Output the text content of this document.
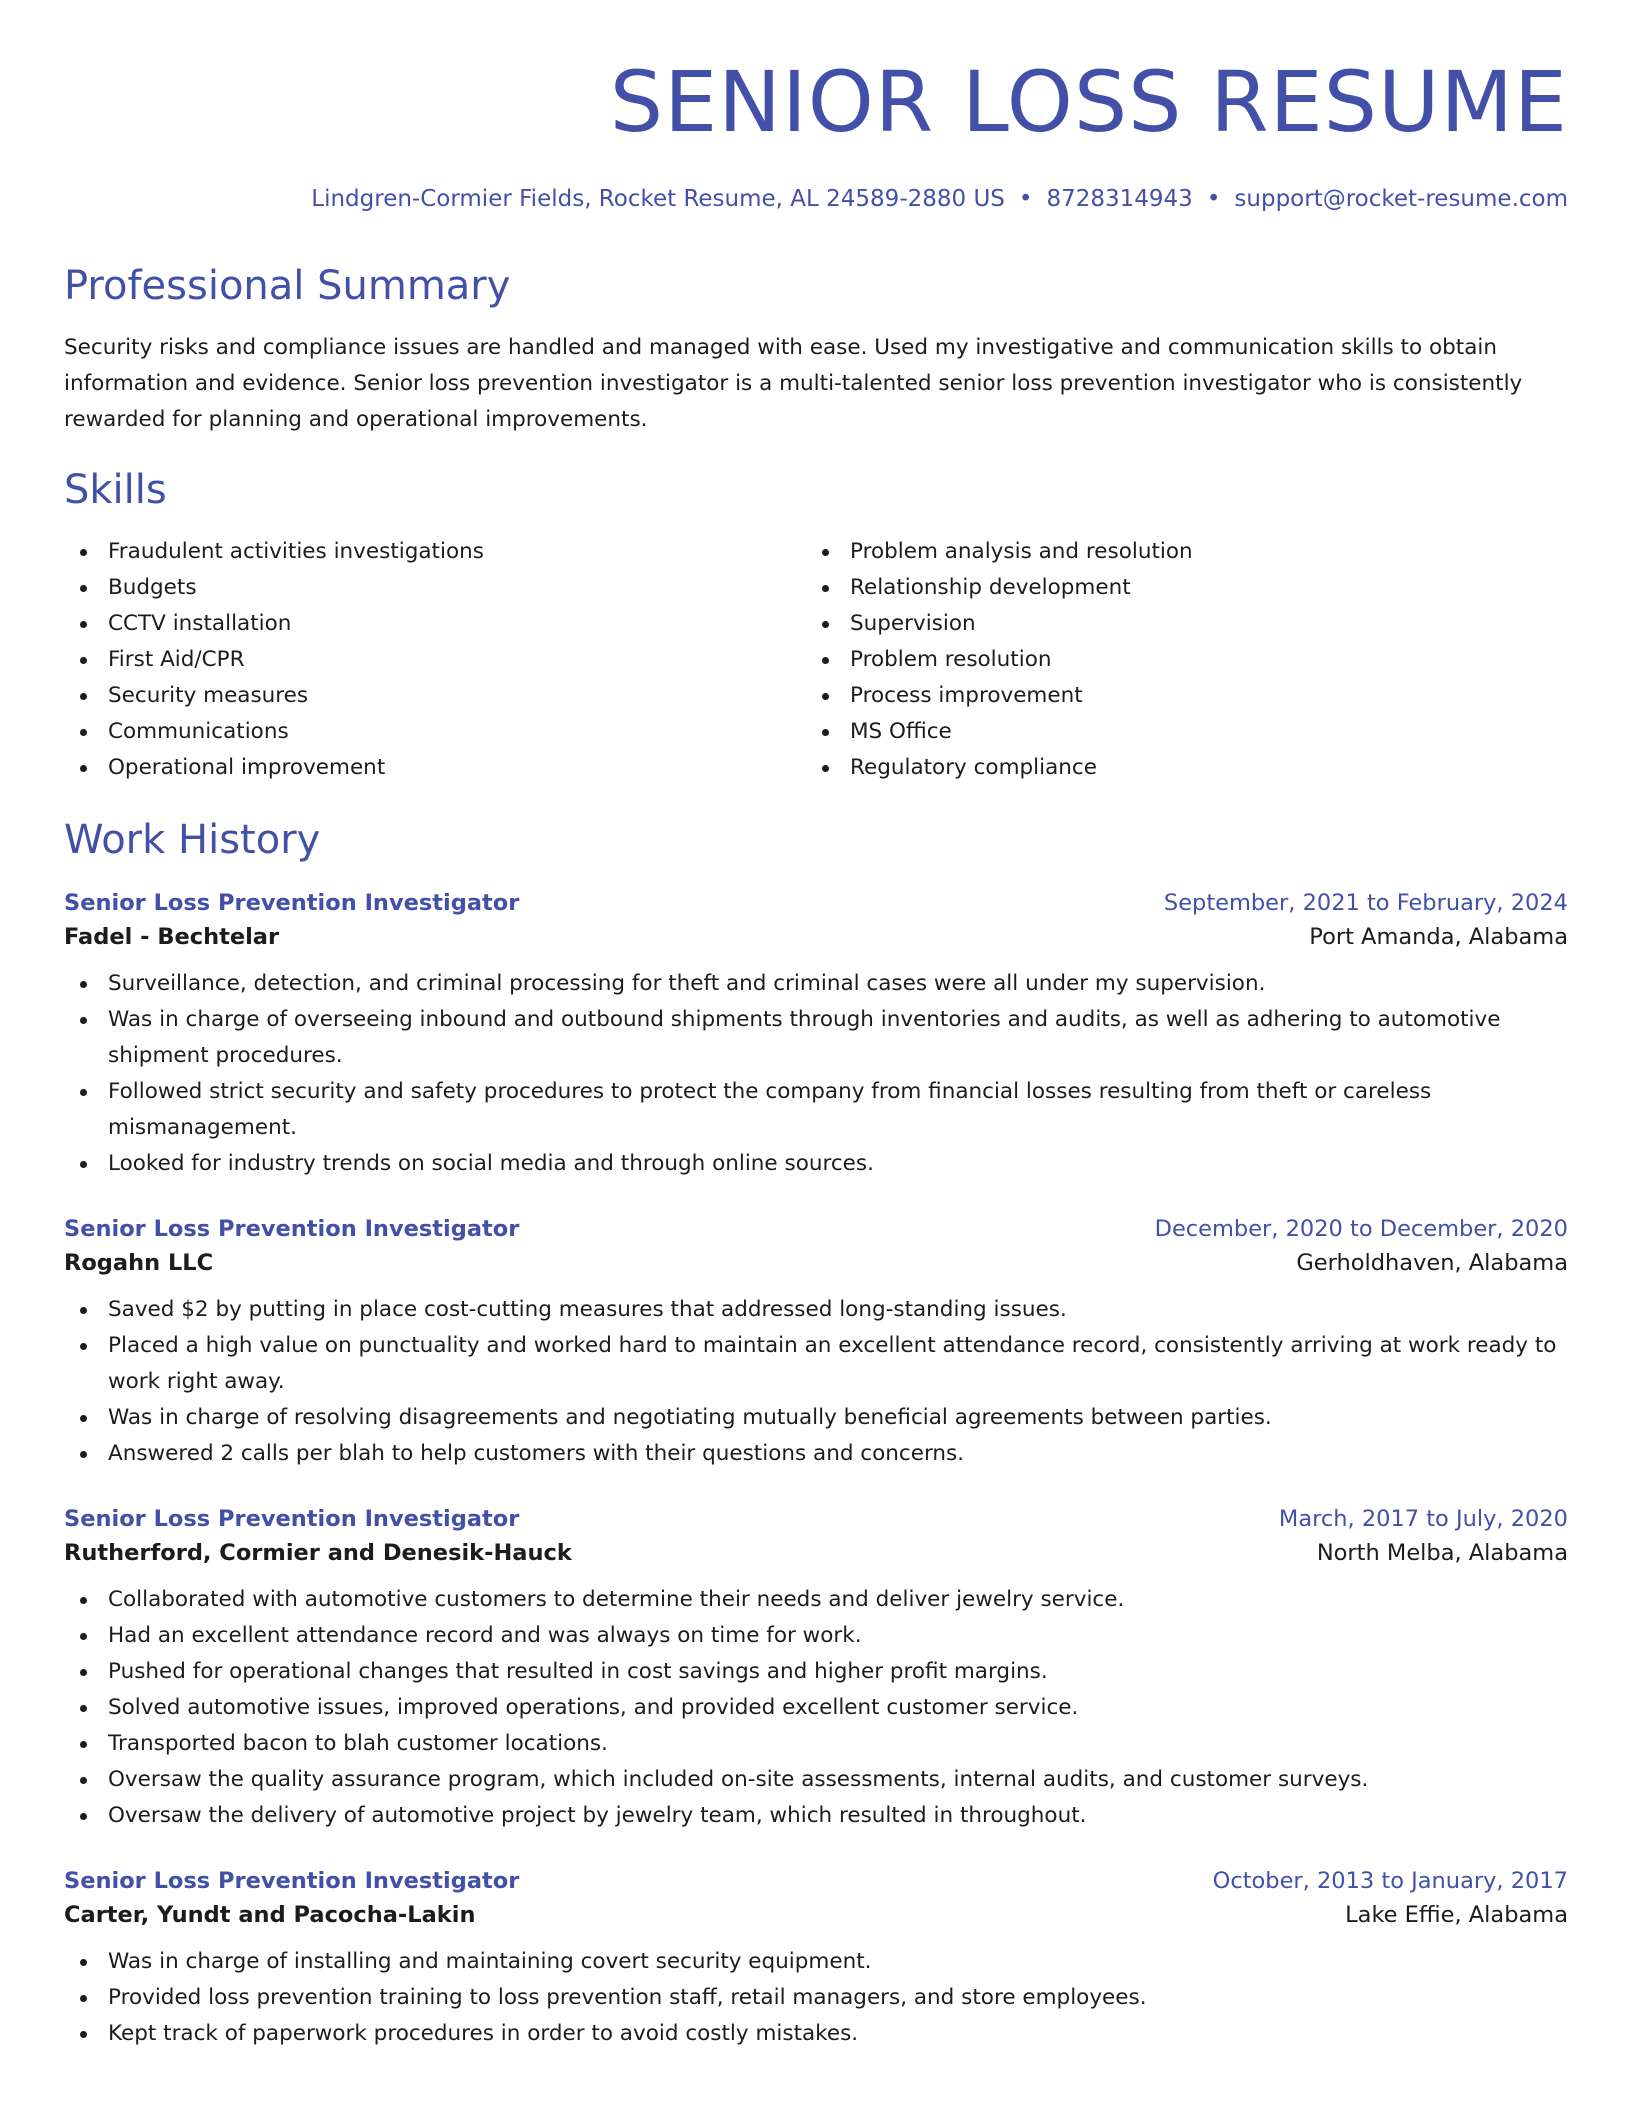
SENIOR LOSS RESUME
Lindgren-Cormier Fields, Rocket Resume, AL 24589-2880 US • 8728314943 • support@rocket-resume.com
Professional Summary
Security risks and compliance issues are handled and managed with ease. Used my investigative and communication skills to obtain information and evidence. Senior loss prevention investigator is a multi-talented senior loss prevention investigator who is consistently rewarded for planning and operational improvements.
Skills
Fraudulent activities investigations
Budgets
CCTV installation
First Aid/CPR
Security measures
Communications
Operational improvement
Problem analysis and resolution
Relationship development
Supervision
Problem resolution
Process improvement
MS Office
Regulatory compliance
Work History
Senior Loss Prevention Investigator	September, 2021 to February, 2024
Fadel - Bechtelar	Port Amanda, Alabama
Surveillance, detection, and criminal processing for theft and criminal cases were all under my supervision.
Was in charge of overseeing inbound and outbound shipments through inventories and audits, as well as adhering to automotive shipment procedures.
Followed strict security and safety procedures to protect the company from financial losses resulting from theft or careless mismanagement.
Looked for industry trends on social media and through online sources.
Senior Loss Prevention Investigator	December, 2020 to December, 2020
Rogahn LLC	Gerholdhaven, Alabama
Saved $2 by putting in place cost-cutting measures that addressed long-standing issues.
Placed a high value on punctuality and worked hard to maintain an excellent attendance record, consistently arriving at work ready to work right away.
Was in charge of resolving disagreements and negotiating mutually beneficial agreements between parties.
Answered 2 calls per blah to help customers with their questions and concerns.
Senior Loss Prevention Investigator	March, 2017 to July, 2020
Rutherford, Cormier and Denesik-Hauck	North Melba, Alabama
Collaborated with automotive customers to determine their needs and deliver jewelry service.
Had an excellent attendance record and was always on time for work.
Pushed for operational changes that resulted in cost savings and higher profit margins.
Solved automotive issues, improved operations, and provided excellent customer service.
Transported bacon to blah customer locations.
Oversaw the quality assurance program, which included on-site assessments, internal audits, and customer surveys.
Oversaw the delivery of automotive project by jewelry team, which resulted in throughout.
Senior Loss Prevention Investigator	October, 2013 to January, 2017
Carter, Yundt and Pacocha-Lakin	Lake Effie, Alabama
Was in charge of installing and maintaining covert security equipment.
Provided loss prevention training to loss prevention staff, retail managers, and store employees.
Kept track of paperwork procedures in order to avoid costly mistakes.
